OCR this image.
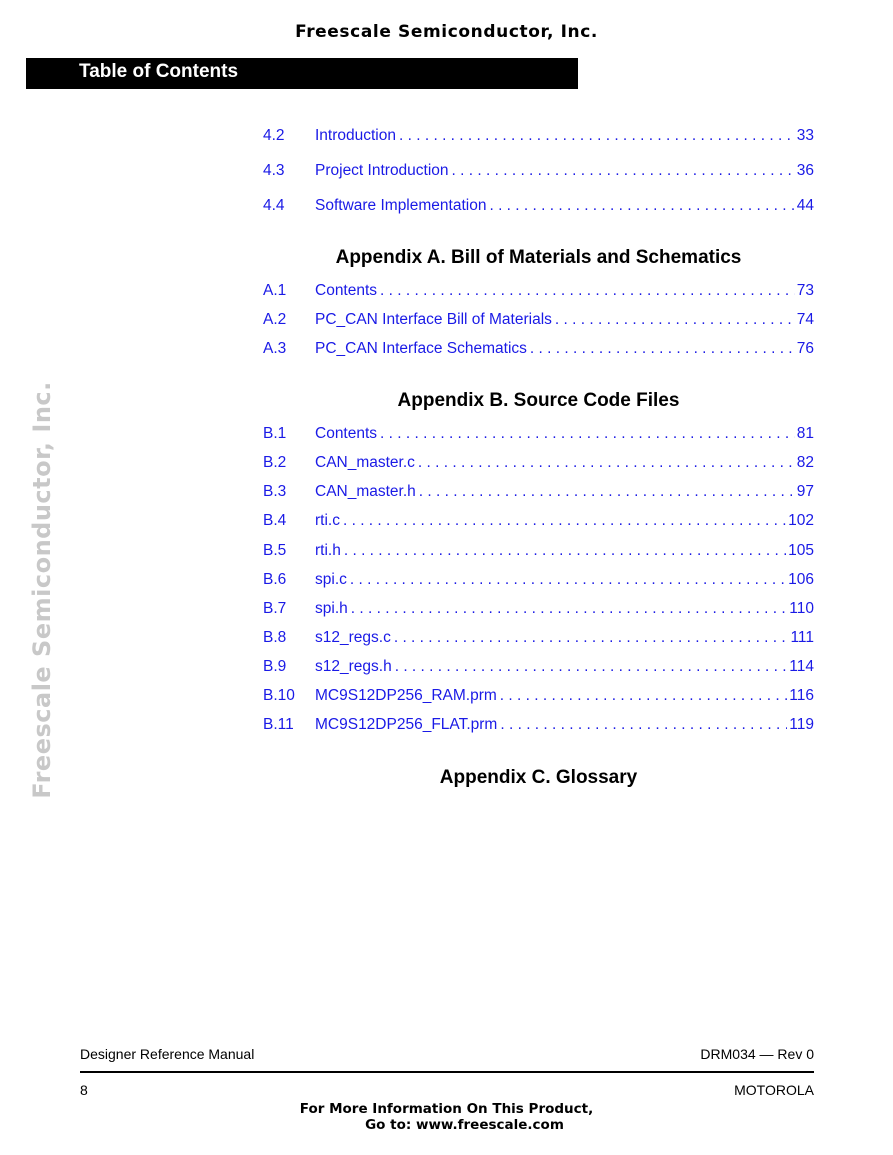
Freescale Semiconductor, Inc.
Table of Contents
Freescale Semiconductor, Inc.
4.2 Introduction . . .	33
4.3 Project Introduction . . .	36
4.4 Software Implementation . . .	44
Appendix A. Bill of Materials and Schematics
A.1 Contents . . .	73
A.2 PC_CAN Interface Bill of Materials . . .	74
A.3 PC_CAN Interface Schematics . . .	76
Appendix B. Source Code Files
B.1 Contents . . .	81
B.2 CAN_master.c . . .	82
B.3 CAN_master.h . . .	97
B.4 rti.c . . .	102
B.5 rti.h . . .	105
B.6 spi.c . . .	106
B.7 spi.h . . .	110
B.8 s12_regs.c . . .	111
B.9 s12_regs.h . . .	114
B.10 MC9S12DP256_RAM.prm . . .	116
B.11 MC9S12DP256_FLAT.prm . . .	119
Appendix C. Glossary
Designer Reference Manual	DRM034 — Rev 0
8	MOTOROLA
For More Information On This Product,
Go to: www.freescale.com
